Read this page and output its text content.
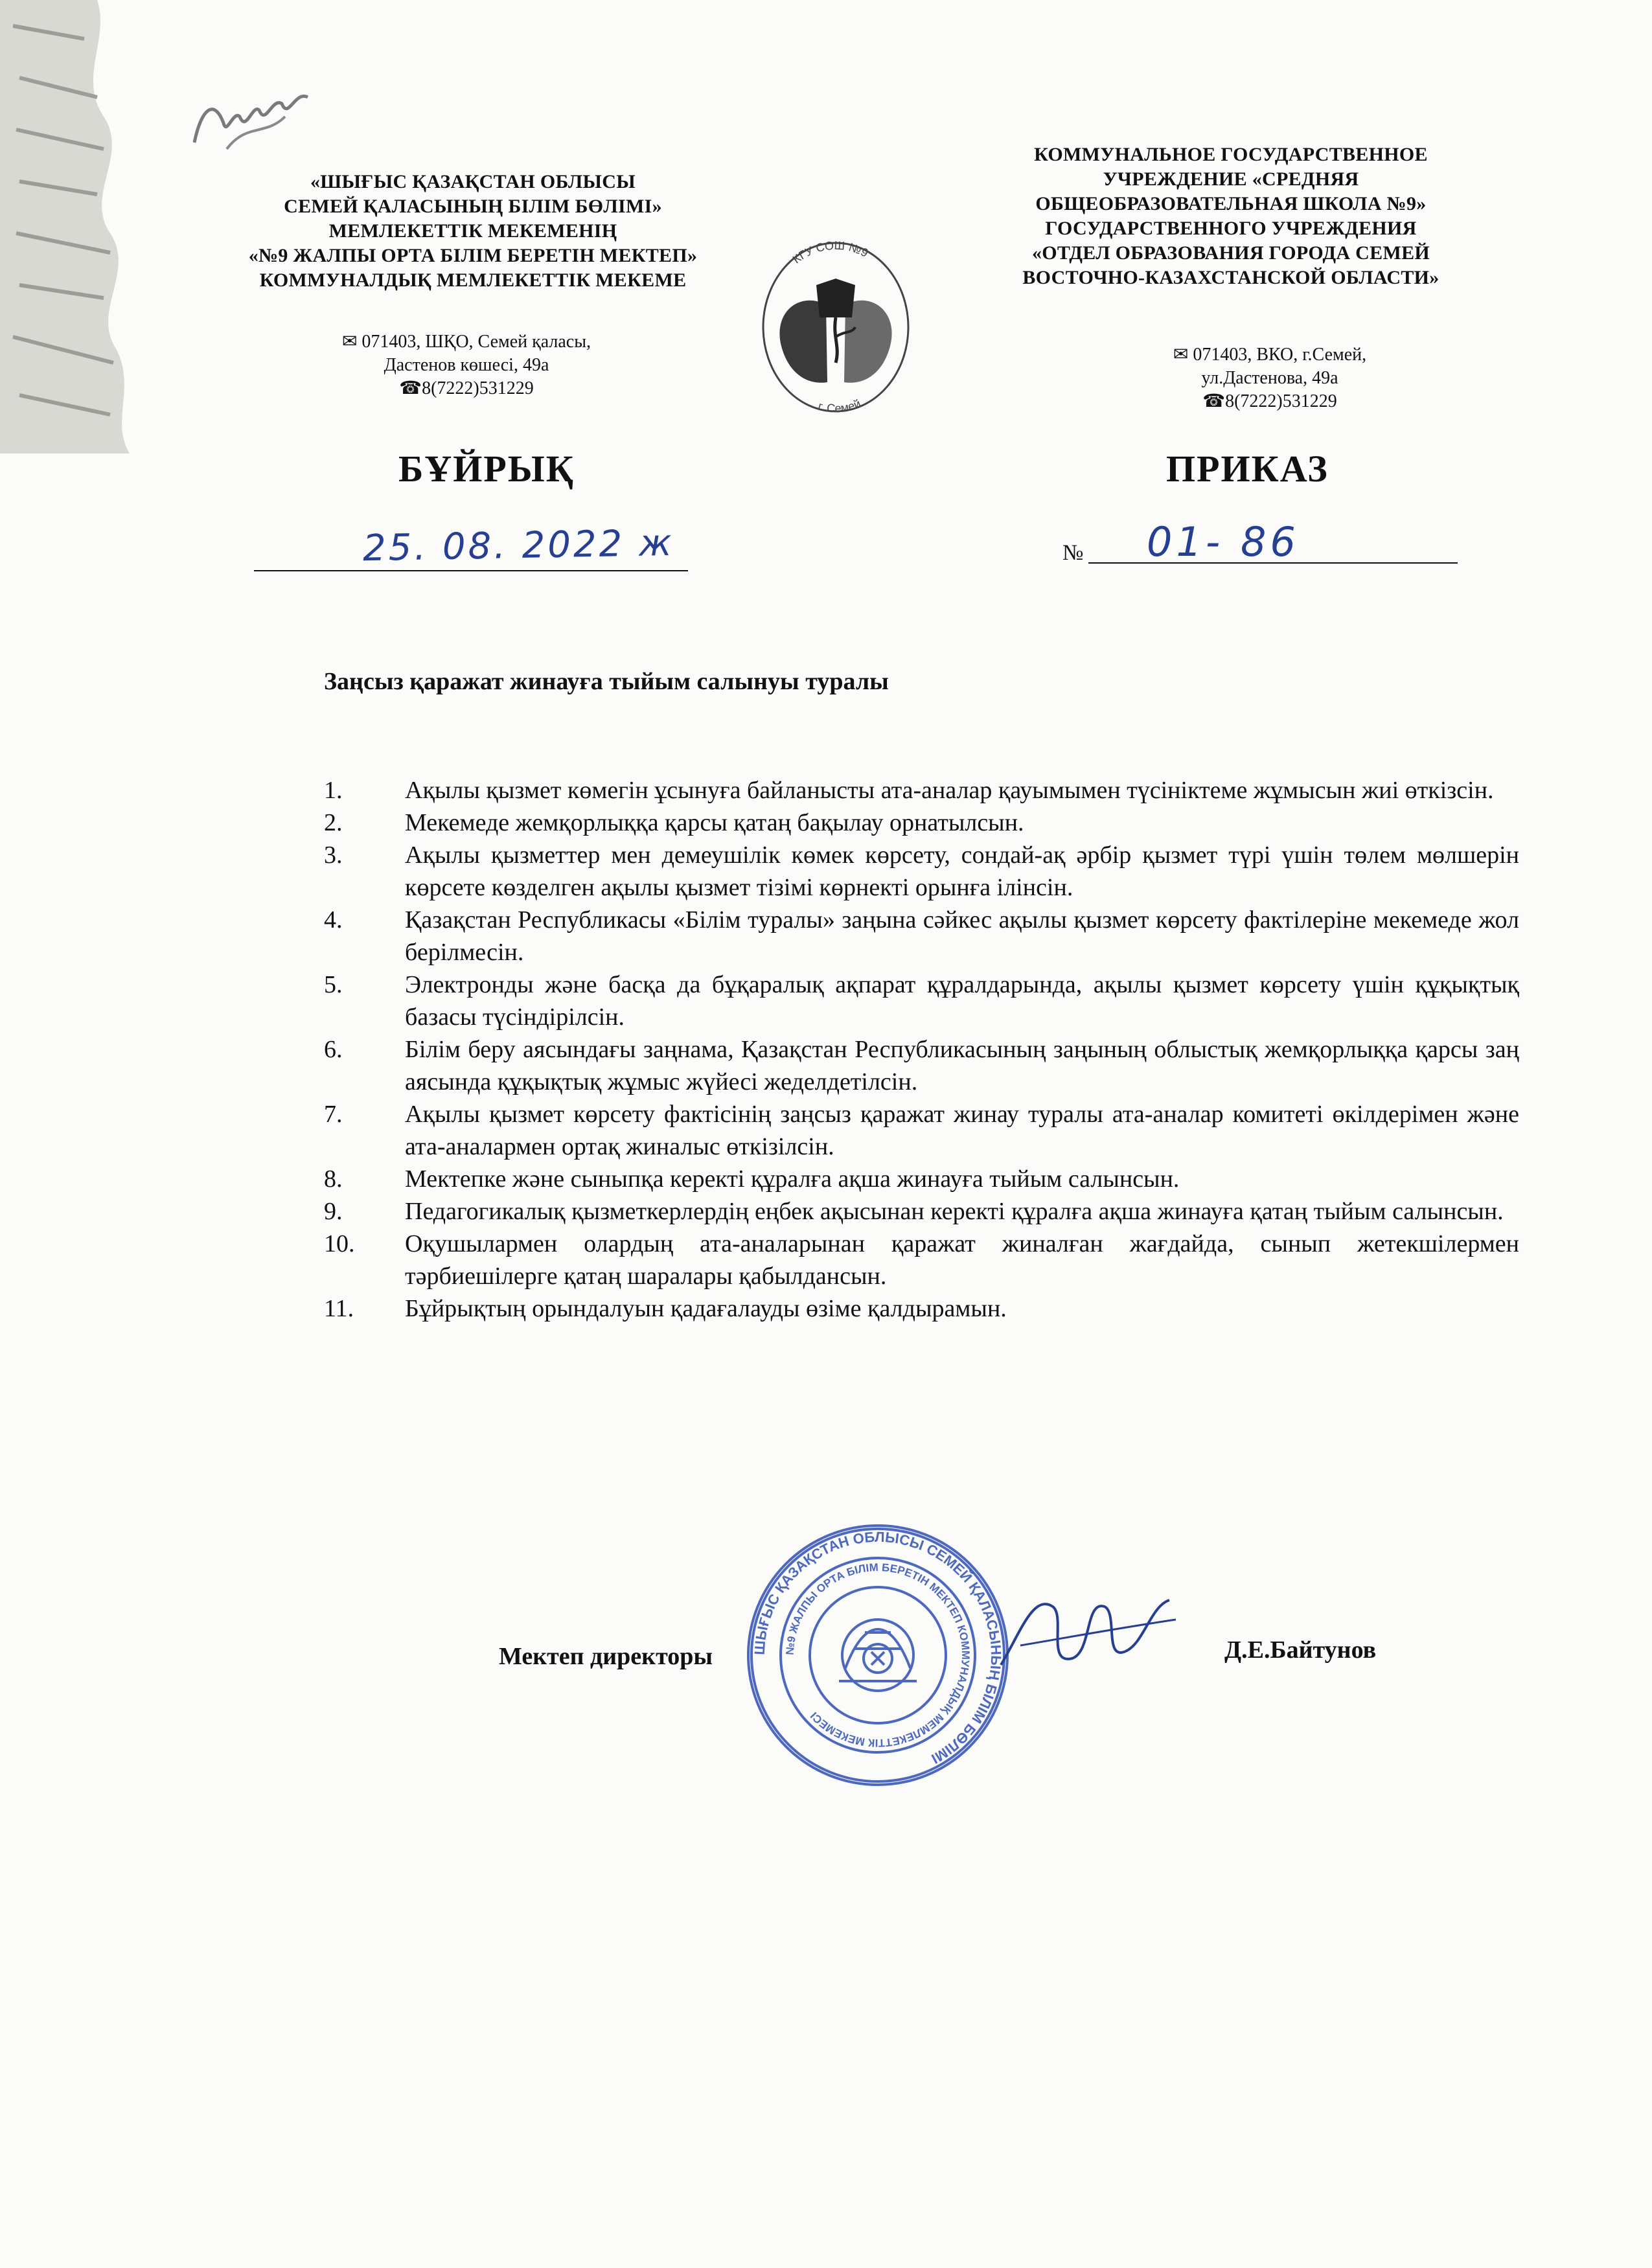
«ШЫҒЫС ҚАЗАҚСТАН ОБЛЫСЫ
СЕМЕЙ ҚАЛАСЫНЫҢ БІЛІМ БӨЛІМІ»
МЕМЛЕКЕТТІК МЕКЕМЕНІҢ
«№9 ЖАЛПЫ ОРТА БІЛІМ БЕРЕТІН МЕКТЕП»
КОММУНАЛДЫҚ МЕМЛЕКЕТТІК МЕКЕМЕ
✉ 071403, ШҚО, Семей қаласы,
Дастенов көшесі, 49а
☎8(7222)531229
КОММУНАЛЬНОЕ ГОСУДАРСТВЕННОЕ
УЧРЕЖДЕНИЕ «СРЕДНЯЯ
ОБЩЕОБРАЗОВАТЕЛЬНАЯ ШКОЛА №9»
ГОСУДАРСТВЕННОГО УЧРЕЖДЕНИЯ
«ОТДЕЛ ОБРАЗОВАНИЯ ГОРОДА СЕМЕЙ
ВОСТОЧНО-КАЗАХСТАНСКОЙ ОБЛАСТИ»
✉ 071403, ВКО, г.Семей,
ул.Дастенова, 49а
☎8(7222)531229
КГУ СОШ №9
г. Семей
БҰЙРЫҚ	ПРИКАЗ
25. 08. 2022 ж	№ 01- 86
Заңсыз қаражат жинауға тыйым салынуы туралы
1.	Ақылы қызмет көмегін ұсынуға байланысты ата-аналар қауымымен түсініктеме жұмысын жиі өткізсін.
2.	Мекемеде жемқорлыққа қарсы қатаң бақылау орнатылсын.
3.	Ақылы қызметтер мен демеушілік көмек көрсету, сондай-ақ әрбір қызмет түрі үшін төлем мөлшерін көрсете көзделген ақылы қызмет тізімі көрнекті орынға ілінсін.
4.	Қазақстан Республикасы «Білім туралы» заңына сәйкес ақылы қызмет көрсету фактілеріне мекемеде жол берілмесін.
5.	Электронды және басқа да бұқаралық ақпарат құралдарында, ақылы қызмет көрсету үшін құқықтық базасы түсіндірілсін.
6.	Білім беру аясындағы заңнама, Қазақстан Республикасының заңының облыстық жемқорлыққа қарсы заң аясында құқықтық жұмыс жүйесі жеделдетілсін.
7.	Ақылы қызмет көрсету фактісінің заңсыз қаражат жинау туралы ата-аналар комитеті өкілдерімен және ата-аналармен ортақ жиналыс өткізілсін.
8.	Мектепке және сыныпқа керекті құралға ақша жинауға тыйым салынсын.
9.	Педагогикалық қызметкерлердің еңбек ақысынан керекті құралға ақша жинауға қатаң тыйым салынсын.
10.	Оқушылармен олардың ата-аналарынан қаражат жиналған жағдайда, сынып жетекшілермен тәрбиешілерге қатаң шаралары қабылдансын.
11.	Бұйрықтың орындалуын қадағалауды өзіме қалдырамын.
ШЫҒЫС ҚАЗАҚСТАН ОБЛЫСЫ СЕМЕЙ ҚАЛАСЫНЫҢ БІЛІМ БӨЛІМІ
№9 ЖАЛПЫ ОРТА БІЛІМ БЕРЕТІН МЕКТЕП КОММУНАЛДЫҚ МЕМЛЕКЕТТІК МЕКЕМЕСІ
Мектеп директоры	Д.Е.Байтунов
